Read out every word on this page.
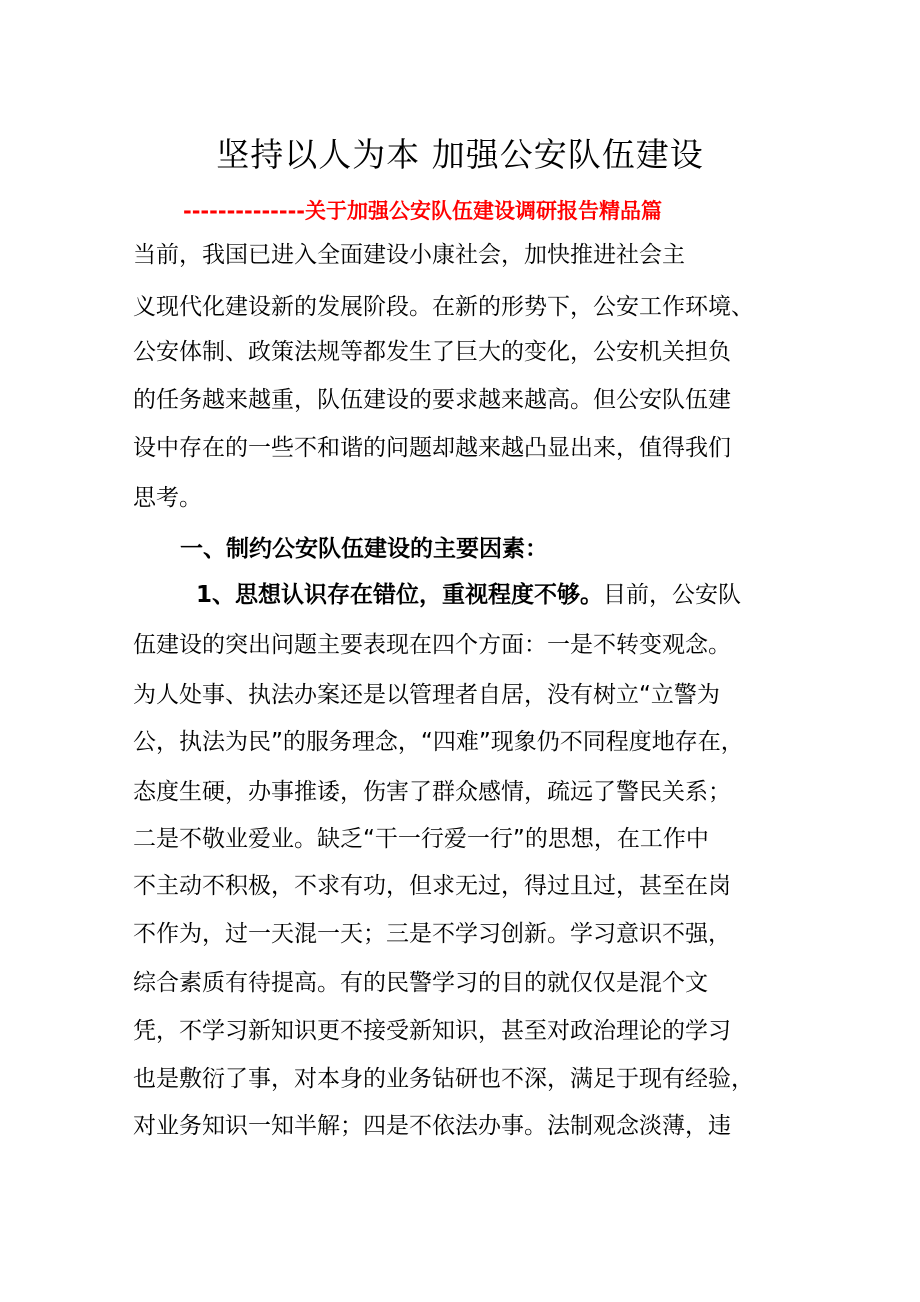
坚持以人为本 加强公安队伍建设
--------------关于加强公安队伍建设调研报告精品篇
当前，我国已进入全面建设小康社会，加快推进社会主
义现代化建设新的发展阶段。在新的形势下，公安工作环境、
公安体制、政策法规等都发生了巨大的变化，公安机关担负
的任务越来越重，队伍建设的要求越来越高。但公安队伍建
设中存在的一些不和谐的问题却越来越凸显出来，值得我们
思考。
一、制约公安队伍建设的主要因素：
1、思想认识存在错位，重视程度不够。目前，公安队
伍建设的突出问题主要表现在四个方面：一是不转变观念。
为人处事、执法办案还是以管理者自居，没有树立“立警为
公，执法为民”的服务理念，“四难”现象仍不同程度地存在，
态度生硬，办事推诿，伤害了群众感情，疏远了警民关系；
二是不敬业爱业。缺乏“干一行爱一行”的思想，在工作中
不主动不积极，不求有功，但求无过，得过且过，甚至在岗
不作为，过一天混一天；三是不学习创新。学习意识不强，
综合素质有待提高。有的民警学习的目的就仅仅是混个文
凭，不学习新知识更不接受新知识，甚至对政治理论的学习
也是敷衍了事，对本身的业务钻研也不深，满足于现有经验，
对业务知识一知半解；四是不依法办事。法制观念淡薄，违
